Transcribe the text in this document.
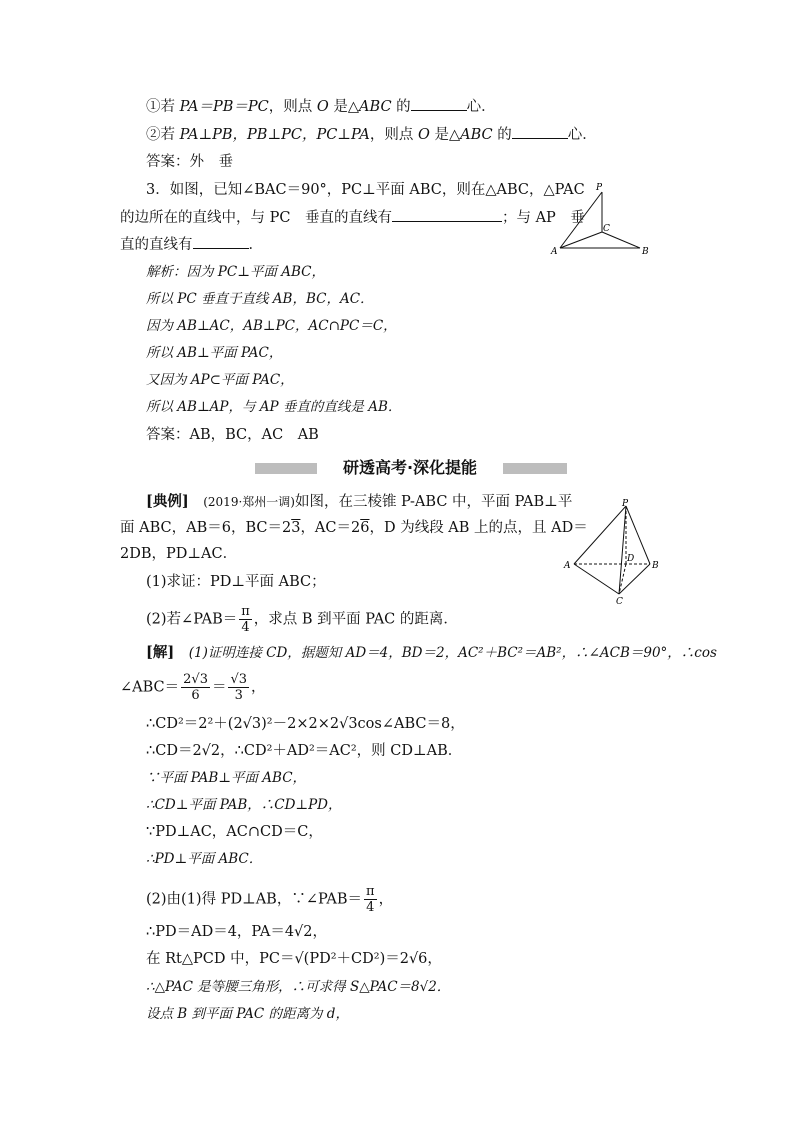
①若 PA＝PB＝PC，则点 O 是△ABC 的	心．
②若 PA⊥PB，PB⊥PC，PC⊥PA，则点 O 是△ABC 的	心．
答案：外　垂
3．如图，已知∠BAC＝90°，PC⊥平面 ABC，则在△ABC，△PAC
的边所在的直线中，与 PC　垂直的直线有	；与 AP　垂
直的直线有	．
P
C
A	B
解析：因为 PC⊥平面 ABC，
所以 PC 垂直于直线 AB，BC，AC．
因为 AB⊥AC，AB⊥PC，AC∩PC＝C，
所以 AB⊥平面 PAC，
又因为 AP⊂平面 PAC，
所以 AB⊥AP，与 AP 垂直的直线是 AB．
答案：AB，BC，AC　AB
研透高考·深化提能
[典例]　 (2019·郑州一调)如图，在三棱锥 P-ABC 中，平面 PAB⊥平
面 ABC，AB＝6，BC＝23，AC＝26，D 为线段 AB 上的点，且 AD＝
2DB，PD⊥AC．
(1)求证：PD⊥平面 ABC；
(2)若∠PAB＝ $\frac{\pi}{4}$ ，求点 B 到平面 PAC 的距离．
P
D
A	B
C
[解]　 (1)证明连接 CD，据题知 AD＝4，BD＝2，AC²＋BC²＝AB²，∴∠ACB＝90°，∴cos
∠ABC＝ $\frac{2√3}{6} = \frac{√3}{3}$ ，
∴CD²＝2²＋(2√3)²－2×2×2√3cos∠ABC＝8，
∴CD＝2√2，∴CD²＋AD²＝AC²，则 CD⊥AB．
∵平面 PAB⊥平面 ABC，
∴CD⊥平面 PAB，∴CD⊥PD，
∵PD⊥AC，AC∩CD＝C，
∴PD⊥平面 ABC．
(2)由(1)得 PD⊥AB，∵∠PAB＝ $\frac{\pi}{4}$ ，
∴PD＝AD＝4，PA＝4√2，
在 Rt△PCD 中，PC＝√(PD²＋CD²)＝2√6，
∴△PAC 是等腰三角形，∴可求得 S△PAC＝8√2．
设点 B 到平面 PAC 的距离为 d，
